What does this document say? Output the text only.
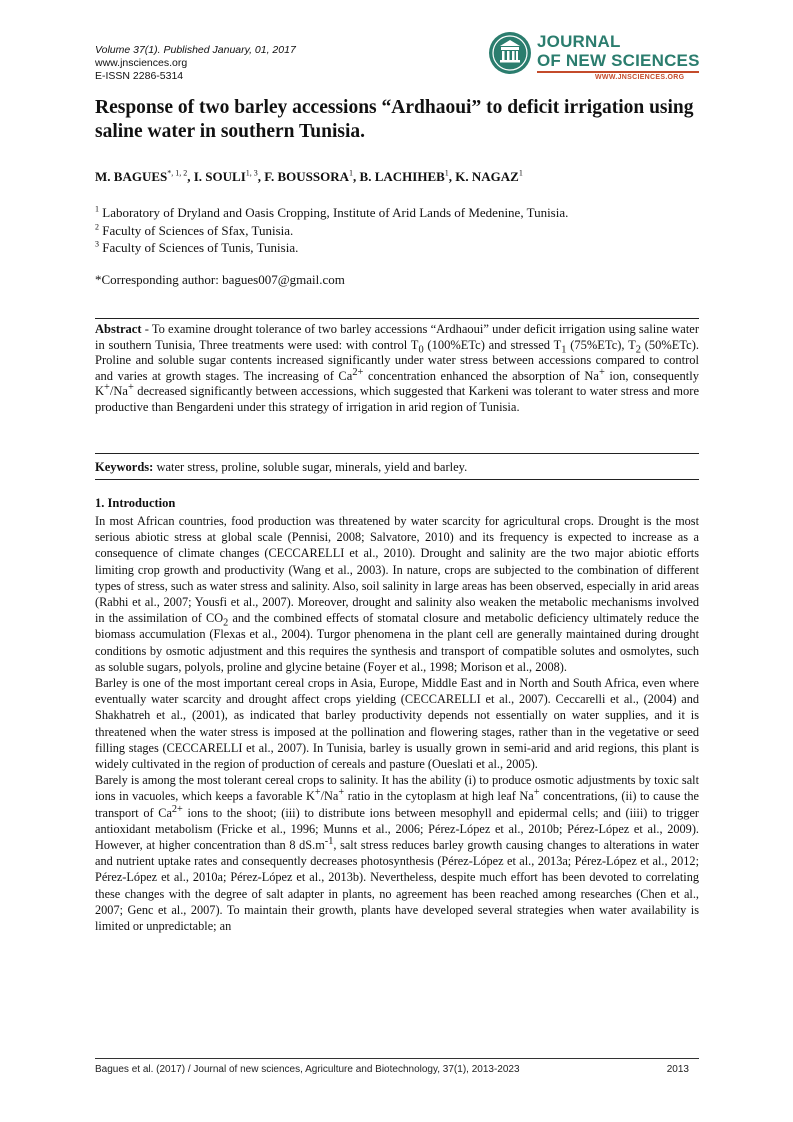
Volume 37(1). Published January, 01, 2017
www.jnsciences.org
E-ISSN 2286-5314
JOURNAL
OF NEW SCIENCES
WWW.JNSCIENCES.ORG
Response of two barley accessions “Ardhaoui” to deficit irrigation using saline water in southern Tunisia.
M. $BAGUES^{*, 1, 2}$, I. SOULI$^{1, 3}$, F. BOUSSORA$^1$, B. LACHIHEB$^1$, K. NAGAZ$^1$
$^1$ Laboratory of Dryland and Oasis Cropping, Institute of Arid Lands of Medenine, Tunisia.
$^2$ Faculty of Sciences of Sfax, Tunisia.
$^3$ Faculty of Sciences of Tunis, Tunisia.
*Corresponding author: bagues007@gmail.com
Abstract - To examine drought tolerance of two barley accessions “Ardhaoui” under deficit irrigation using saline water in southern Tunisia, Three treatments were used: with control $T_0$ (100%ETc) and stressed $T_1$ (75%ETc), $T_2$ (50%ETc). Proline and soluble sugar contents increased significantly under water stress between accessions compared to control and varies at growth stages. The increasing of $Ca^{2+}$ concentration enhanced the absorption of Na+ ion, consequently K+/Na+ decreased significantly between accessions, which suggested that Karkeni was tolerant to water stress and more productive than Bengardeni under this strategy of irrigation in arid region of Tunisia.
Keywords: water stress, proline, soluble sugar, minerals, yield and barley.
1. Introduction

In most African countries, food production was threatened by water scarcity for agricultural crops. Drought is the most serious abiotic stress at global scale (Pennisi, 2008; Salvatore, 2010) and its frequency is expected to increase as a consequence of climate changes (CECCARELLI et al., 2010). Drought and salinity are the two major abiotic efforts limiting crop growth and productivity (Wang et al., 2003). In nature, crops are subjected to the combination of different types of stress, such as water stress and salinity. Also, soil salinity in large areas has been observed, especially in arid areas (Rabhi et al., 2007; Yousfi et al., 2007). Moreover, drought and salinity also weaken the metabolic mechanisms involved in the assimilation of $CO_2$ and the combined effects of stomatal closure and metabolic deficiency ultimately reduce the biomass accumulation (Flexas et al., 2004). Turgor phenomena in the plant cell are generally maintained during drought conditions by osmotic adjustment and this requires the synthesis and transport of compatible solutes and osmolytes, such as soluble sugars, polyols, proline and glycine betaine (Foyer et al., 1998; Morison et al., 2008).

Barley is one of the most important cereal crops in Asia, Europe, Middle East and in North and South Africa, even where eventually water scarcity and drought affect crops yielding (CECCARELLI et al., 2007). Ceccarelli et al., (2004) and Shakhatreh et al., (2001), as indicated that barley productivity depends not essentially on water supplies, and it is threatened when the water stress is imposed at the pollination and flowering stages, rather than in the vegetative or seed filling stages (CECCARELLI et al., 2007). In Tunisia, barley is usually grown in semi-arid and arid regions, this plant is widely cultivated in the region of production of cereals and pasture (Oueslati et al., 2005).

Barely is among the most tolerant cereal crops to salinity. It has the ability (i) to produce osmotic adjustments by toxic salt ions in vacuoles, which keeps a favorable K+/Na+ ratio in the cytoplasm at high leaf Na+ concentrations, (ii) to cause the transport of $Ca^{2+}$ ions to the shoot; (iii) to distribute ions between mesophyll and epidermal cells; and (iiii) to trigger antioxidant metabolism (Fricke et al., 1996; Munns et al., 2006; Pérez-López et al., 2010b; Pérez-López et al., 2009). However, at higher concentration than 8 $dS.m^{-1}$, salt stress reduces barley growth causing changes to alterations in water and nutrient uptake rates and consequently decreases photosynthesis (Pérez-López et al., 2013a; Pérez-López et al., 2012; Pérez-López et al., 2010a; Pérez-López et al., 2013b). Nevertheless, despite much effort has been devoted to correlating these changes with the degree of salt adapter in plants, no agreement has been reached among researches (Chen et al., 2007; Genc et al., 2007). To maintain their growth, plants have developed several strategies when water availability is limited or unpredictable; an

Bagues et al. (2017) / Journal of new sciences, Agriculture and Biotechnology, 37(1), 2013-2023	2013
